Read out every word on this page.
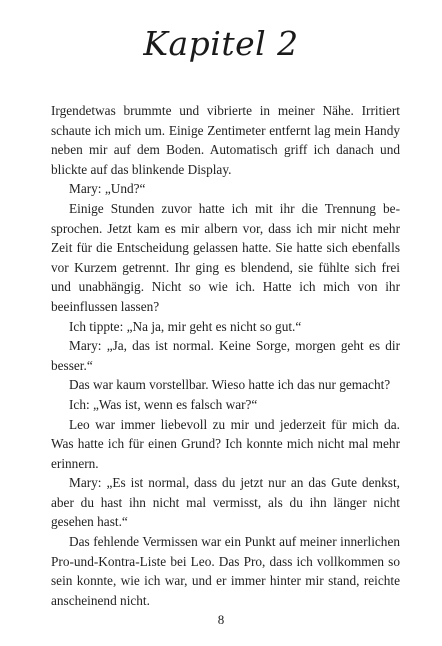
Kapitel 2

Irgendetwas brummte und vibrierte in meiner Nähe. Irritiert schaute ich mich um. Einige Zentimeter entfernt lag mein Handy neben mir auf dem Boden. Automatisch griff ich danach und blickte auf das blinkende Display.

Mary: „Und?“

Einige Stunden zuvor hatte ich mit ihr die Trennung besprochen. Jetzt kam es mir albern vor, dass ich mir nicht mehr Zeit für die Entscheidung gelassen hatte. Sie hatte sich ebenfalls vor Kurzem getrennt. Ihr ging es blendend, sie fühlte sich frei und unabhängig. Nicht so wie ich. Hatte ich mich von ihr beeinflussen lassen?

Ich tippte: „Na ja, mir geht es nicht so gut.“

Mary: „Ja, das ist normal. Keine Sorge, morgen geht es dir besser.“

Das war kaum vorstellbar. Wieso hatte ich das nur gemacht?

Ich: „Was ist, wenn es falsch war?“

Leo war immer liebevoll zu mir und jederzeit für mich da. Was hatte ich für einen Grund? Ich konnte mich nicht mal mehr erinnern.

Mary: „Es ist normal, dass du jetzt nur an das Gute denkst, aber du hast ihn nicht mal vermisst, als du ihn länger nicht gesehen hast.“

Das fehlende Vermissen war ein Punkt auf meiner innerlichen Pro-und-Kontra-Liste bei Leo. Das Pro, dass ich vollkommen so sein konnte, wie ich war, und er immer hinter mir stand, reichte anscheinend nicht.

8
